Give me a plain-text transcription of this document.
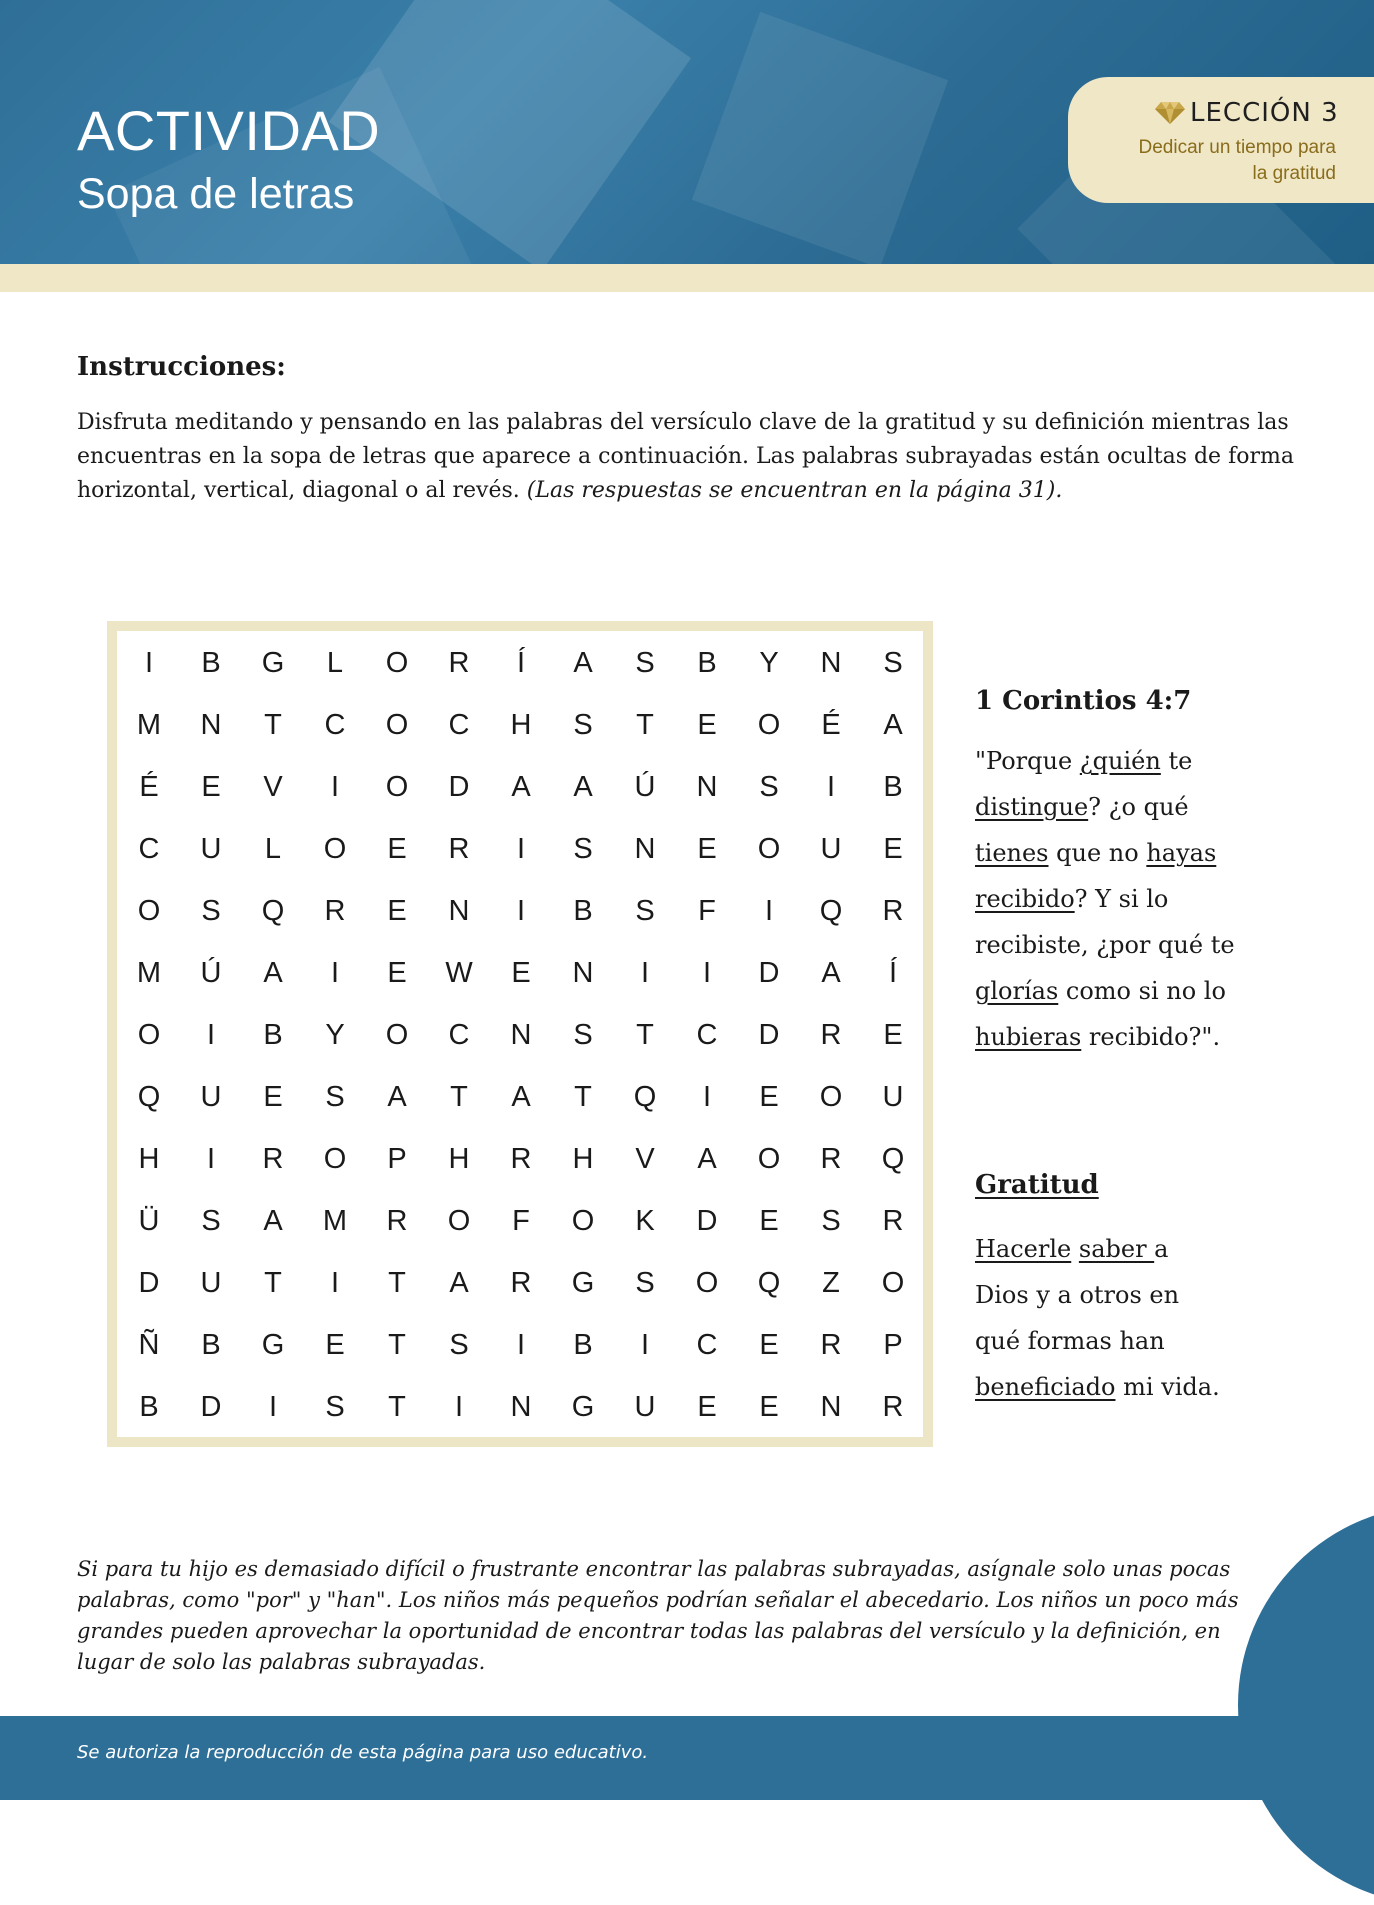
ACTIVIDAD
Sopa de letras
LECCIÓN 3
Dedicar un tiempo para
la gratitud
Instrucciones:
Disfruta meditando y pensando en las palabras del versículo clave de la gratitud y su definición mientras las encuentras en la sopa de letras que aparece a continuación. Las palabras subrayadas están ocultas de forma horizontal, vertical, diagonal o al revés. (Las respuestas se encuentran en la página 31).
I	B	G	L	O	R	Í	A	S	B	Y	N	S
M	N	T	C	O	C	H	S	T	E	O	É	A
É	E	V	I	O	D	A	A	Ú	N	S	I	B
C	U	L	O	E	R	I	S	N	E	O	U	E
O	S	Q	R	E	N	I	B	S	F	I	Q	R
M	Ú	A	I	E	W	E	N	I	I	D	A	Í
O	I	B	Y	O	C	N	S	T	C	D	R	E
Q	U	E	S	A	T	A	T	Q	I	E	O	U
H	I	R	O	P	H	R	H	V	A	O	R	Q
Ü	S	A	M	R	O	F	O	K	D	E	S	R
D	U	T	I	T	A	R	G	S	O	Q	Z	O
Ñ	B	G	E	T	S	I	B	I	C	E	R	P
B	D	I	S	T	I	N	G	U	E	E	N	R
1 Corintios 4:7
"Porque ¿quién te distingue? ¿o qué tienes que no hayas recibido? Y si lo recibiste, ¿por qué te glorías como si no lo hubieras recibido?".
Gratitud
Hacerle saber a Dios y a otros en qué formas han beneficiado mi vida.
Si para tu hijo es demasiado difícil o frustrante encontrar las palabras subrayadas, asígnale solo unas pocas palabras, como "por" y "han". Los niños más pequeños podrían señalar el abecedario. Los niños un poco más grandes pueden aprovechar la oportunidad de encontrar todas las palabras del versículo y la definición, en lugar de solo las palabras subrayadas.
Se autoriza la reproducción de esta página para uso educativo.
